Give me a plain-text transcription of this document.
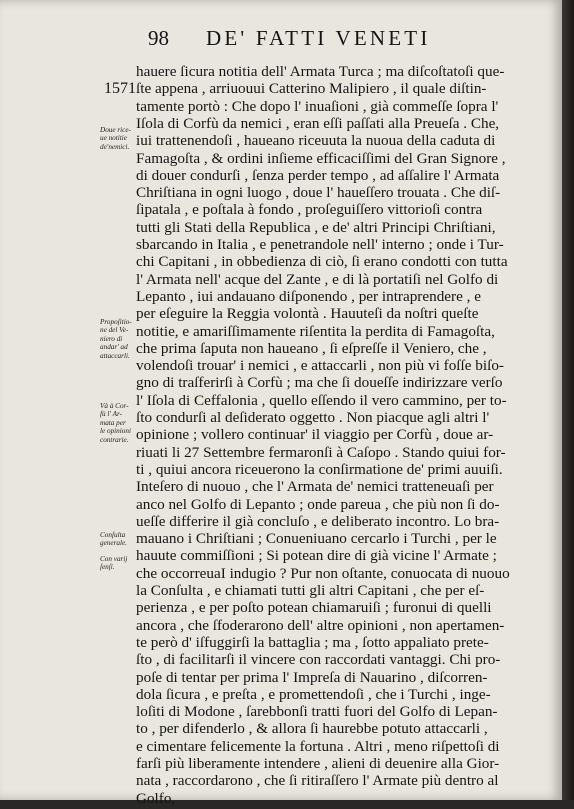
98 DE' FATTI VENETI
1571
hauere ſicura notitia dell' Armata Turca ; ma diſcoſtatoſi que-
ſte appena , arriuouui Catterino Malipiero , il quale diſtin-
tamente portò : Che dopo l' inuaſioni , già commeſſe ſopra l'
Iſola di Corfù da nemici , eran eſſi paſſati alla Preueſa . Che,
iui trattenendoſi , haueano riceuuta la nuoua della caduta di
Famagoſta , & ordini inſieme efficaciſſimi del Gran Signore ,
di douer condurſi , ſenza perder tempo , ad aſſalire l' Armata
Chriſtiana in ogni luogo , doue l' haueſſero trouata . Che diſ-
ſipatala , e poſtala à fondo , proſeguiſſero vittorioſi contra
tutti gli Stati della Republica , e de' altri Principi Chriſtiani,
sbarcando in Italia , e penetrandole nell' interno ; onde i Tur-
chi Capitani , in obbedienza di ciò, ſi erano condotti con tutta
l' Armata nell' acque del Zante , e di là portatiſi nel Golfo di
Lepanto , iui andauano diſponendo , per intraprendere , e
per eſeguire la Reggia volontà . Hauuteſi da noſtri queſte
notitie, e amariſſimamente riſentita la perdita di Famagoſta,
che prima ſaputa non haueano , ſi eſpreſſe il Veniero, che ,
volendoſi trouar' i nemici , e attaccarli , non più vi foſſe biſo-
gno di traſferirſi à Corfù ; ma che ſi doueſſe indirizzare verſo
l' Iſola di Ceffalonia , quello eſſendo il vero cammino, per to-
ſto condurſi al deſiderato oggetto . Non piacque agli altri l'
opinione ; vollero continuar' il viaggio per Corfù , doue ar-
riuati li 27 Settembre fermaronſi à Caſopo . Stando quiui for-
ti , quiui ancora riceuerono la conſirmatione de' primi auuiſi.
Inteſero di nuouo , che l' Armata de' nemici tratteneuaſi per
anco nel Golfo di Lepanto ; onde pareua , che più non ſi do-
ueſſe differire il già concluſo , e deliberato incontro. Lo bra-
mauano i Chriſtiani ; Conueniuano cercarlo i Turchi , per le
hauute commiſſioni ; Si potean dire di già vicine l' Armate ;
che occorreuaI indugio ? Pur non oſtante, conuocata di nuouo
la Conſulta , e chiamati tutti gli altri Capitani , che per eſ-
perienza , e per poſto potean chiamaruiſi ; furonui di quelli
ancora , che ſfoderarono dell' altre opinioni , non apertamen-
te però d' iſfuggirſi la battaglia ; ma , ſotto appaliato prete-
ſto , di facilitarſi il vincere con raccordati vantaggi. Chi pro-
poſe di tentar per prima l' Impreſa di Nauarino , diſcorren-
dola ſicura , e preſta , e promettendoſi , che i Turchi , inge-
loſiti di Modone , ſarebbonſi tratti fuori del Golfo di Lepan-
to , per difenderlo , & allora ſi haurebbe potuto attaccarli ,
e cimentare felicemente la fortuna . Altri , meno riſpettoſi di
farſi più liberamente intendere , alieni di deuenire alla Gior-
nata , raccordarono , che ſi ritiraſſero l' Armate più dentro al
Golfo,
Doue rice-
ue notitie
de'nemici.
Propoſitio-
ne del Ve-
niero di
andar' ad
attaccarli.
Và à Cor-
fù l' Ar-
mata per
le opinioni
contrarie.
Conſulta
generale.
Con varij
ſenſi.
